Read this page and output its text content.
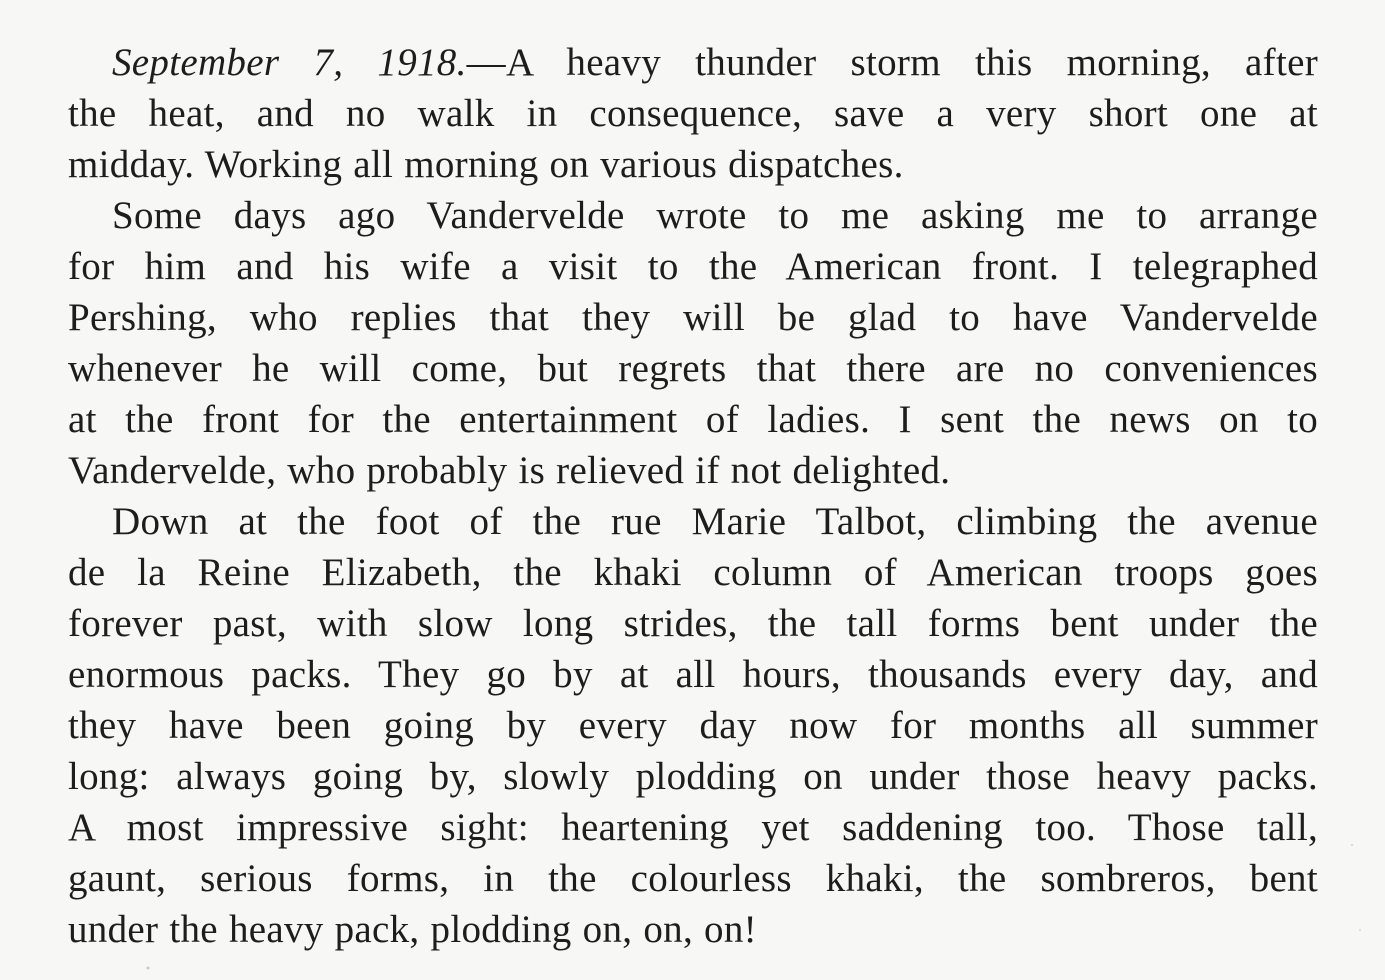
September 7, 1918.—A heavy thunder storm this morning, after
the heat, and no walk in consequence, save a very short one at
midday. Working all morning on various dispatches.
Some days ago Vandervelde wrote to me asking me to arrange
for him and his wife a visit to the American front. I telegraphed
Pershing, who replies that they will be glad to have Vandervelde
whenever he will come, but regrets that there are no conveniences
at the front for the entertainment of ladies. I sent the news on to
Vandervelde, who probably is relieved if not delighted.
Down at the foot of the rue Marie Talbot, climbing the avenue
de la Reine Elizabeth, the khaki column of American troops goes
forever past, with slow long strides, the tall forms bent under the
enormous packs. They go by at all hours, thousands every day, and
they have been going by every day now for months all summer
long: always going by, slowly plodding on under those heavy packs.
A most impressive sight: heartening yet saddening too. Those tall,
gaunt, serious forms, in the colourless khaki, the sombreros, bent
under the heavy pack, plodding on, on, on!
